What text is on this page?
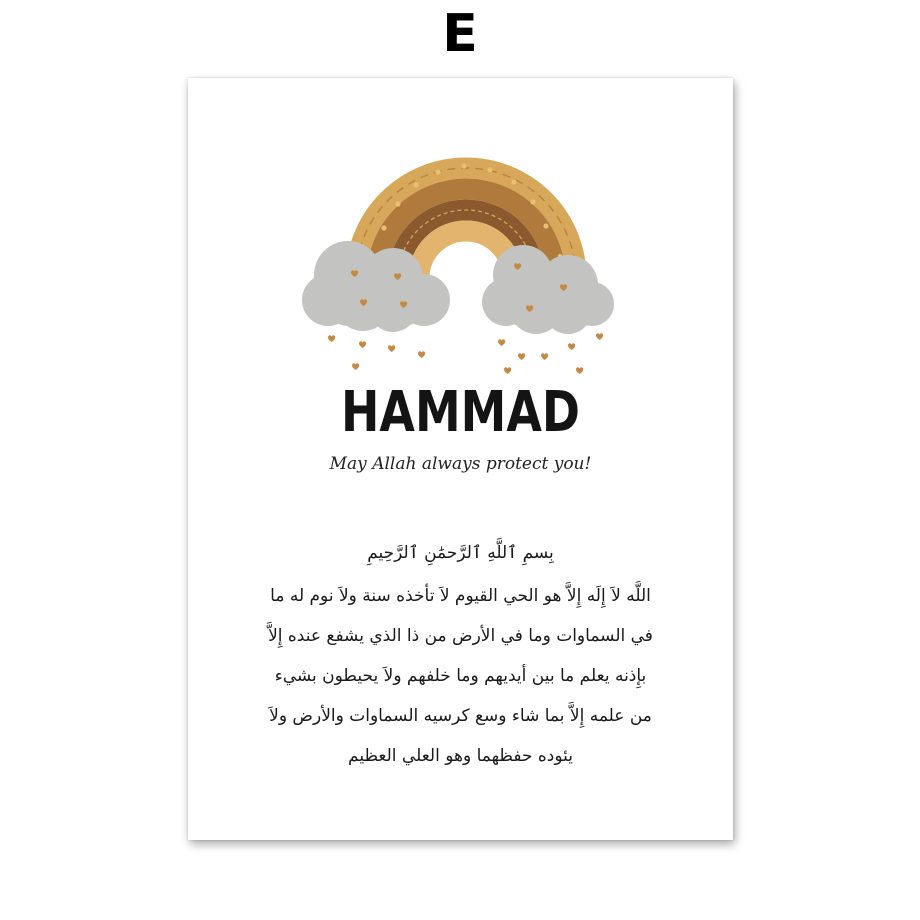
E
HAMMAD
May Allah always protect you!
بِسمِ ٱللَّهِ ٱلرَّحمَٰنِ ٱلرَّحِيمِ
اللَّه لاَ إِلَه إِلاَّ هو الحي القيوم لاَ تأخذه سنة ولاَ نوم له ما
في السماوات وما في الأرض من ذا الذي يشفع عنده إِلاَّ
بإِذنه يعلم ما بين أيديهم وما خلفهم ولاَ يحيطون بشيء
من علمه إِلاَّ بما شاء وسع كرسيه السماوات والأرض ولاَ
يئوده حفظهما وهو العلي العظيم
